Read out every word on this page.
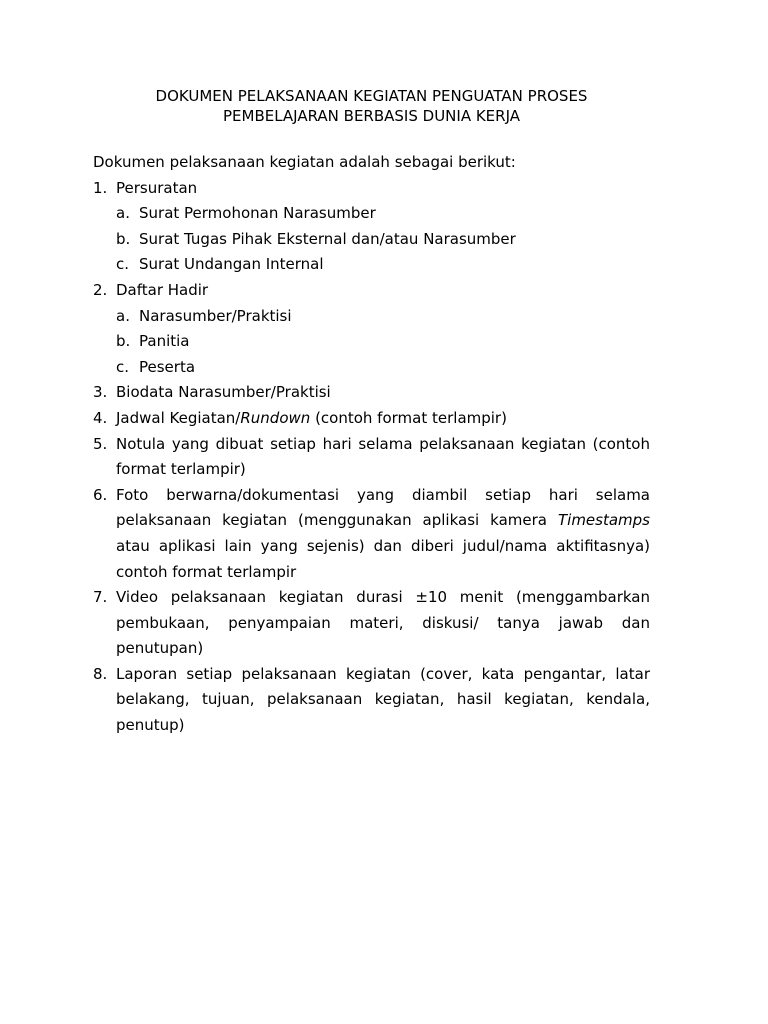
DOKUMEN PELAKSANAAN KEGIATAN PENGUATAN PROSES
PEMBELAJARAN BERBASIS DUNIA KERJA
Dokumen pelaksanaan kegiatan adalah sebagai berikut:
1. Persuratan
a. Surat Permohonan Narasumber
b. Surat Tugas Pihak Eksternal dan/atau Narasumber
c. Surat Undangan Internal
2. Daftar Hadir
a. Narasumber/Praktisi
b. Panitia
c. Peserta
3. Biodata Narasumber/Praktisi
4. Jadwal Kegiatan/Rundown (contoh format terlampir)
5. Notula yang dibuat setiap hari selama pelaksanaan kegiatan (contoh format terlampir)
6. Foto berwarna/dokumentasi yang diambil setiap hari selama pelaksanaan kegiatan (menggunakan aplikasi kamera Timestamps atau aplikasi lain yang sejenis) dan diberi judul/nama aktifitasnya) contoh format terlampir
7. Video pelaksanaan kegiatan durasi ±10 menit (menggambarkan pembukaan, penyampaian materi, diskusi/ tanya jawab dan penutupan)
8. Laporan setiap pelaksanaan kegiatan (cover, kata pengantar, latar belakang, tujuan, pelaksanaan kegiatan, hasil kegiatan, kendala, penutup)
